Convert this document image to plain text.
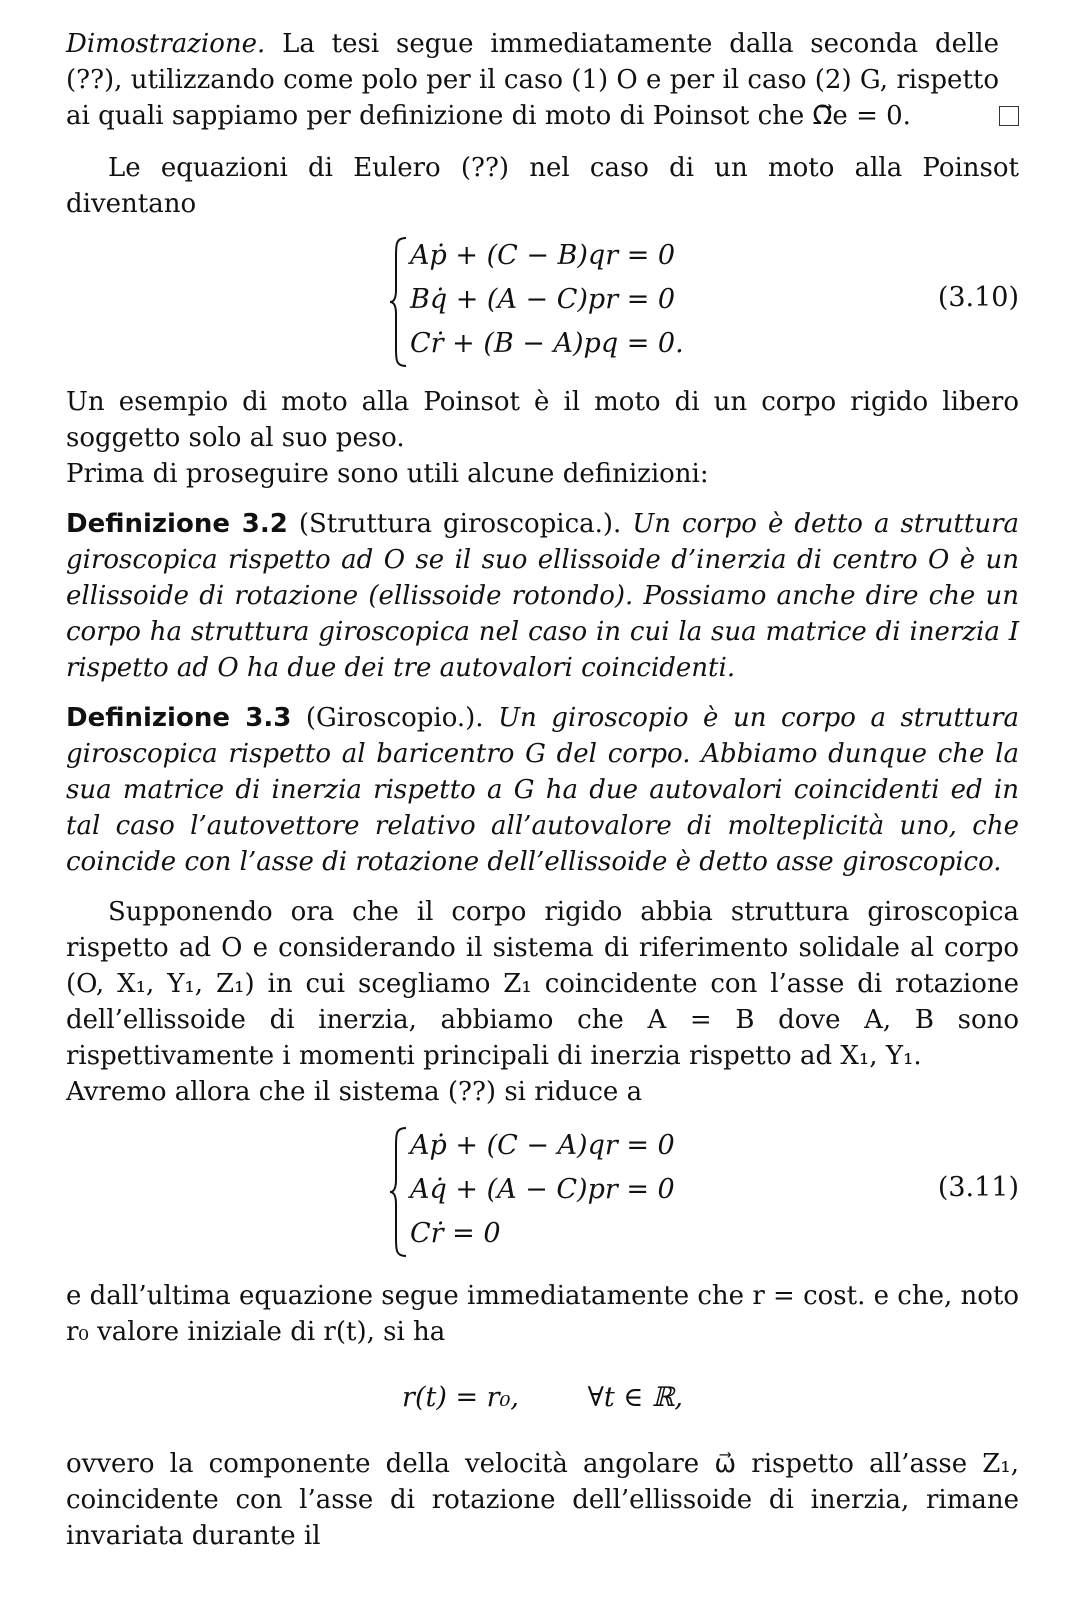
Dimostrazione. La tesi segue immediatamente dalla seconda delle (??), utilizzando come polo per il caso (1) O e per il caso (2) G, rispetto ai quali sappiamo per definizione di moto di Poinsot che Ω⃗e = 0.

Le equazioni di Eulero (??) nel caso di un moto alla Poinsot diventano

Aṗ + (C − B)qr = 0
Bq̇ + (A − C)pr = 0
Cṙ + (B − A)pq = 0.
(3.10)

Un esempio di moto alla Poinsot è il moto di un corpo rigido libero soggetto solo al suo peso.

Prima di proseguire sono utili alcune definizioni:

Definizione 3.2 (Struttura giroscopica.). Un corpo è detto a struttura giroscopica rispetto ad O se il suo ellissoide d’inerzia di centro O è un ellissoide di rotazione (ellissoide rotondo). Possiamo anche dire che un corpo ha struttura giroscopica nel caso in cui la sua matrice di inerzia I rispetto ad O ha due dei tre autovalori coincidenti.

Definizione 3.3 (Giroscopio.). Un giroscopio è un corpo a struttura giroscopica rispetto al baricentro G del corpo. Abbiamo dunque che la sua matrice di inerzia rispetto a G ha due autovalori coincidenti ed in tal caso l’autovettore relativo all’autovalore di molteplicità uno, che coincide con l’asse di rotazione dell’ellissoide è detto asse giroscopico.

Supponendo ora che il corpo rigido abbia struttura giroscopica rispetto ad O e considerando il sistema di riferimento solidale al corpo (O, X₁, Y₁, Z₁) in cui scegliamo Z₁ coincidente con l’asse di rotazione dell’ellissoide di inerzia, abbiamo che A = B dove A, B sono rispettivamente i momenti principali di inerzia rispetto ad X₁, Y₁.

Avremo allora che il sistema (??) si riduce a

Aṗ + (C − A)qr = 0
Aq̇ + (A − C)pr = 0
Cṙ = 0
(3.11)

e dall’ultima equazione segue immediatamente che r = cost. e che, noto r₀ valore iniziale di r(t), si ha

r(t) = r₀,        ∀t ∈ ℝ,

ovvero la componente della velocità angolare ω⃗ rispetto all’asse Z₁, coincidente con l’asse di rotazione dell’ellissoide di inerzia, rimane invariata durante il
